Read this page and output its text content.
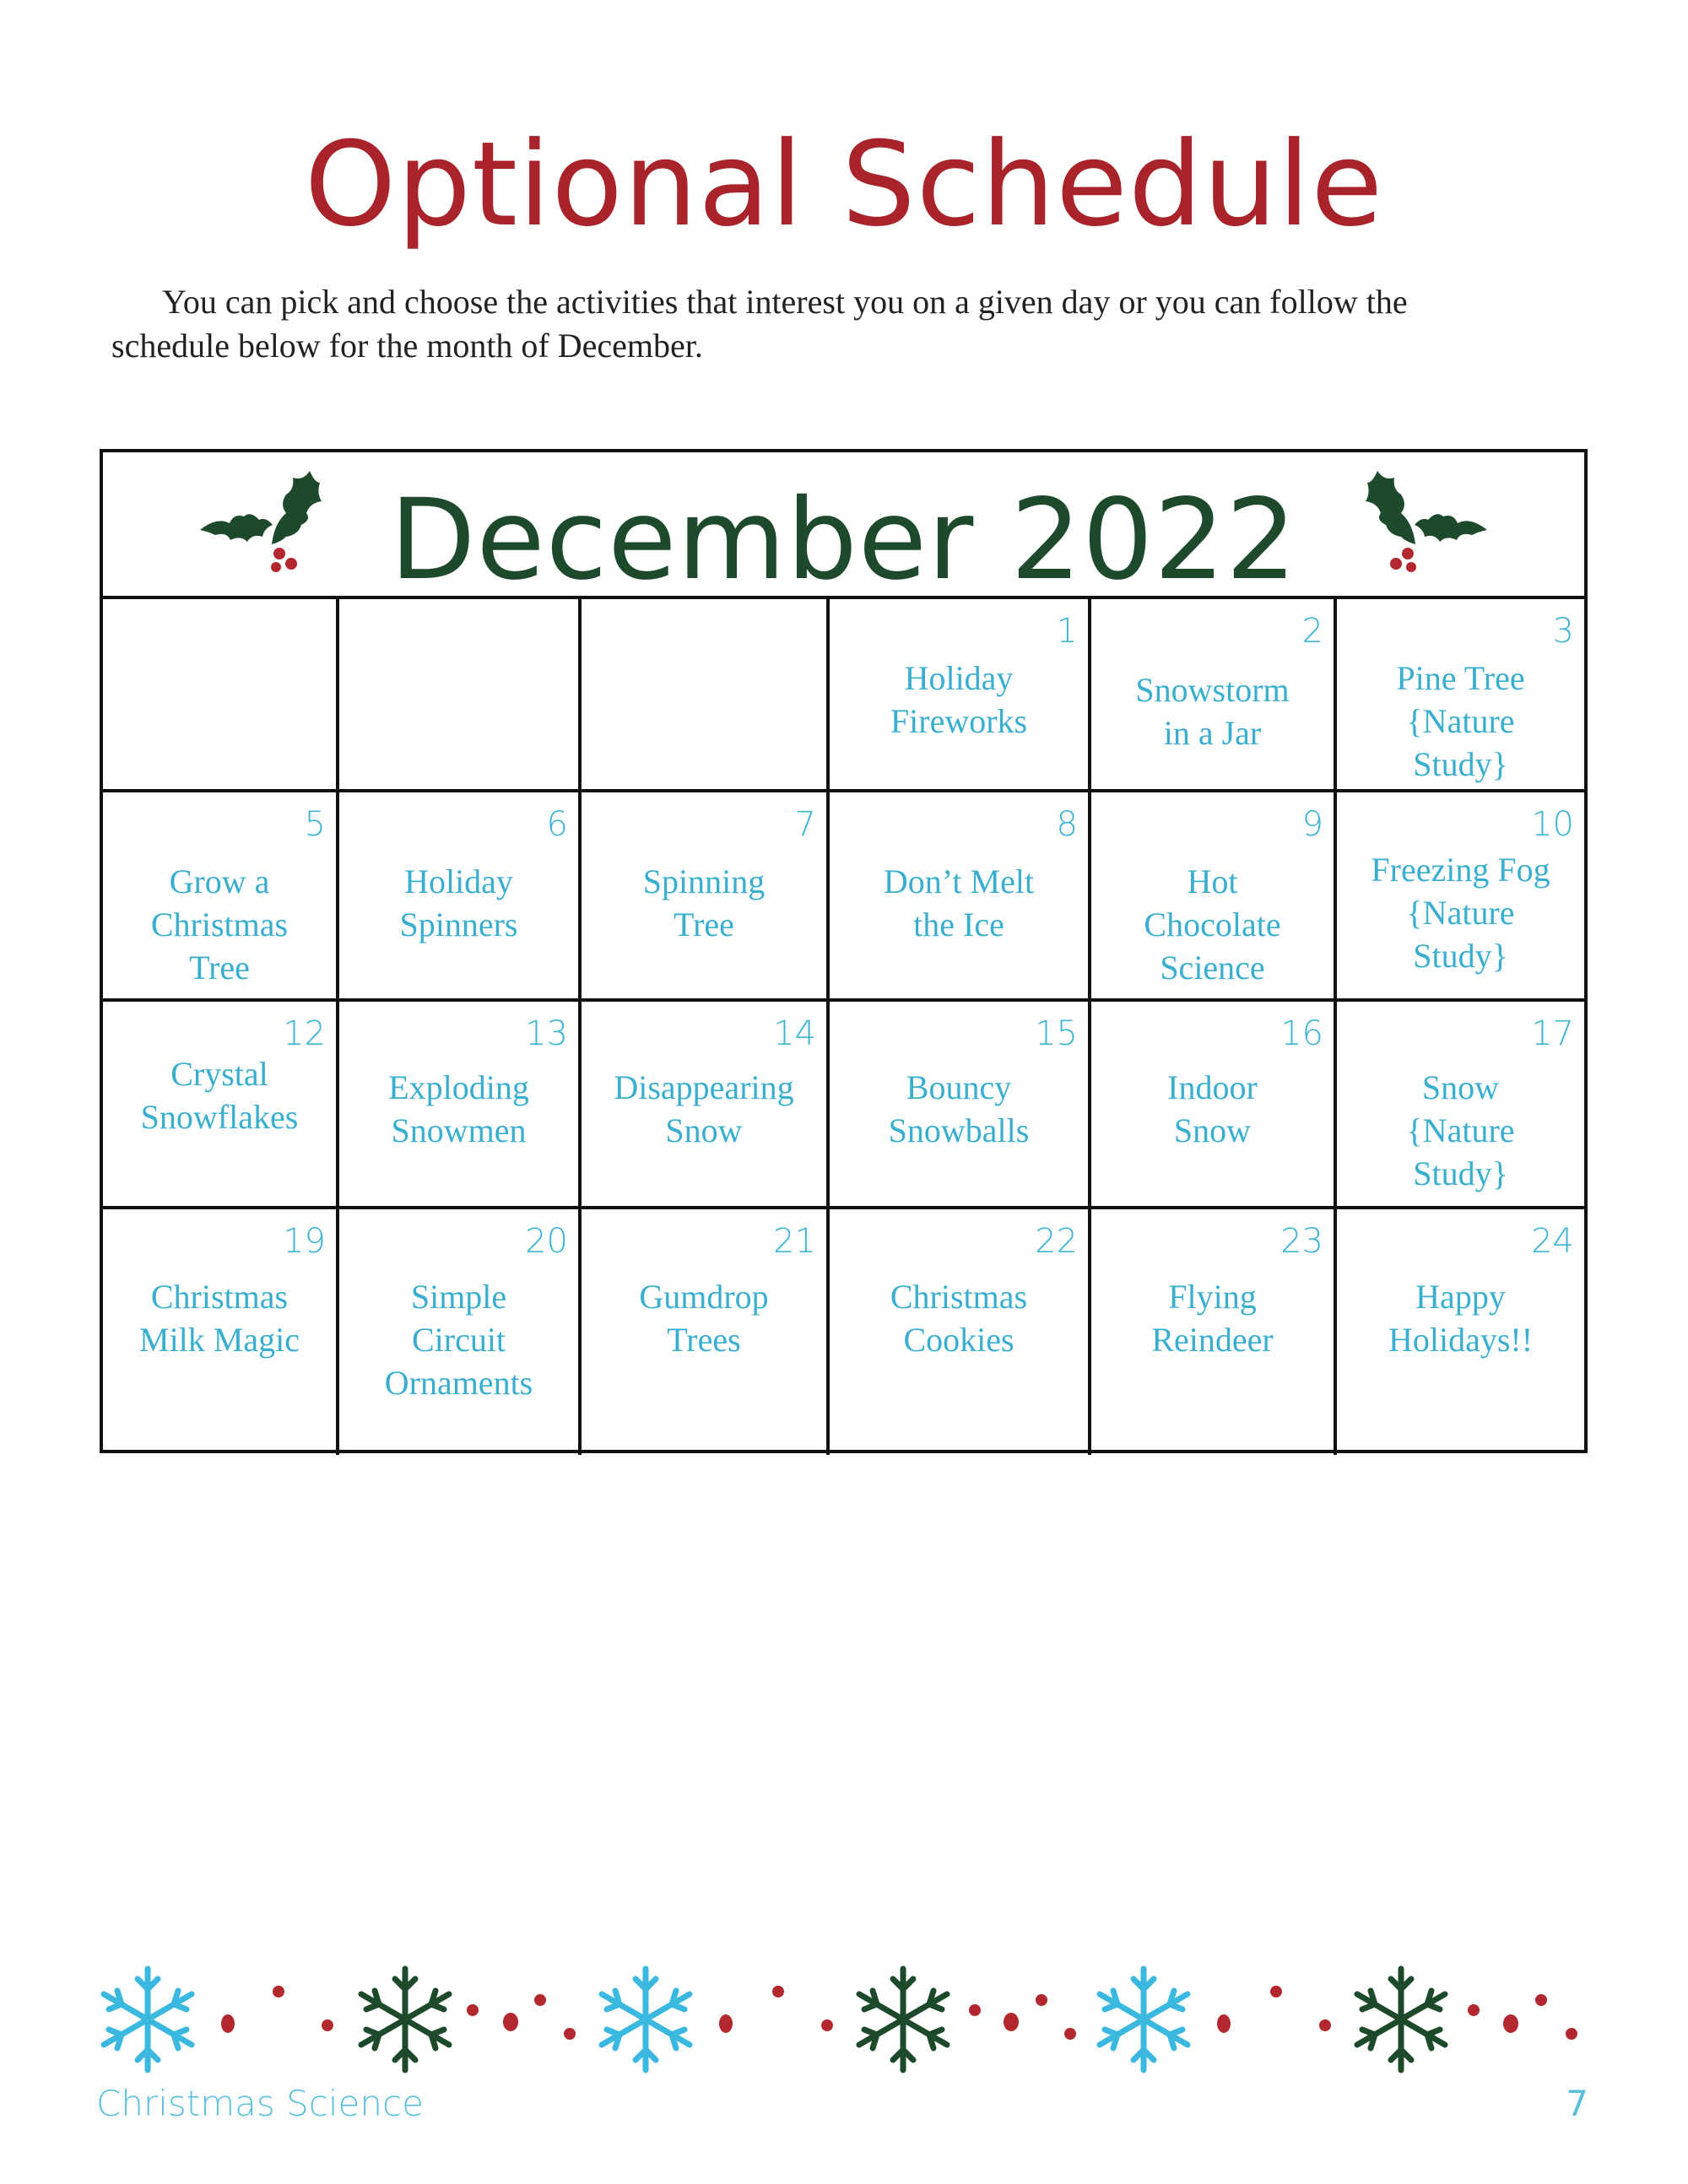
Optional Schedule

You can pick and choose the activities that interest you on a given day or you can follow the schedule below for the month of December.

December 2022
1
Holiday
Fireworks
2
Snowstorm
in a Jar
3
Pine Tree
{Nature
Study}
5
Grow a
Christmas
Tree
6
Holiday
Spinners
7
Spinning
Tree
8
Don’t Melt
the Ice
9
Hot
Chocolate
Science
10
Freezing Fog
{Nature
Study}
12
Crystal
Snowflakes
13
Exploding
Snowmen
14
Disappearing
Snow
15
Bouncy
Snowballs
16
Indoor
Snow
17
Snow
{Nature
Study}
19
Christmas
Milk Magic
20
Simple
Circuit
Ornaments
21
Gumdrop
Trees
22
Christmas
Cookies
23
Flying
Reindeer
24
Happy
Holidays!!
Christmas Science	7
